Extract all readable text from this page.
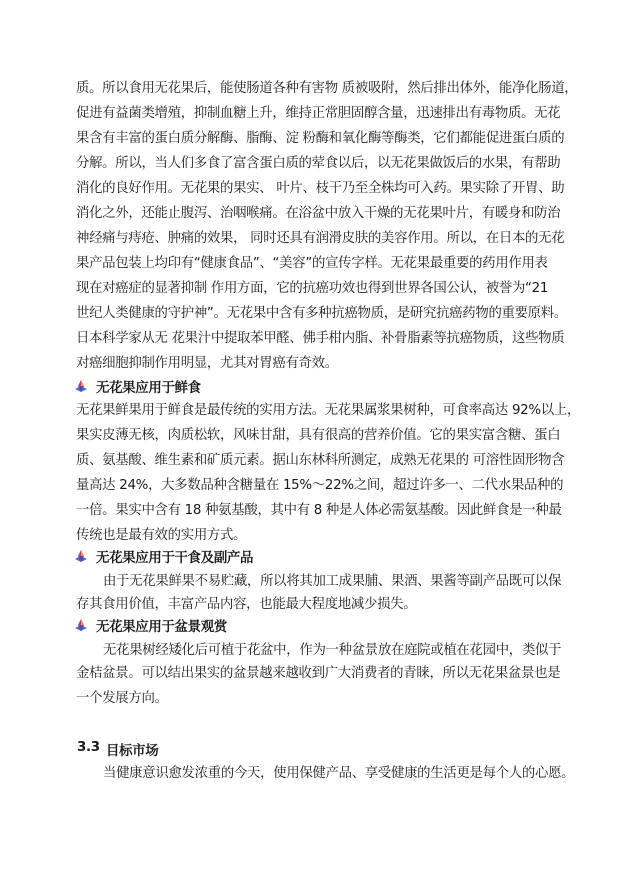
质。所以食用无花果后，能使肠道各种有害物 质被吸附，然后排出体外，能净化肠道，
促进有益菌类增殖，抑制血糖上升，维持正常胆固醇含量，迅速排出有毒物质。无花
果含有丰富的蛋白质分解酶、脂酶、淀 粉酶和氧化酶等酶类，它们都能促进蛋白质的
分解。所以，当人们多食了富含蛋白质的荤食以后，以无花果做饭后的水果，有帮助
消化的良好作用。无花果的果实、 叶片、枝干乃至全株均可入药。果实除了开胃、助
消化之外，还能止腹泻、治咽喉痛。在浴盆中放入干燥的无花果叶片，有暖身和防治
神经痛与痔疮、肿痛的效果， 同时还具有润滑皮肤的美容作用。所以，在日本的无花
果产品包装上均印有“健康食品”、“美容”的宣传字样。无花果最重要的药用作用表
现在对癌症的显著抑制 作用方面，它的抗癌功效也得到世界各国公认，被誉为“21
世纪人类健康的守护神”。无花果中含有多种抗癌物质，是研究抗癌药物的重要原料。
日本科学家从无 花果汁中提取苯甲醛、佛手柑内脂、补骨脂素等抗癌物质，这些物质
对癌细胞抑制作用明显，尤其对胃癌有奇效。
无花果应用于鲜食
无花果鲜果用于鲜食是最传统的实用方法。无花果属浆果树种，可食率高达 92%以上，
果实皮薄无核，肉质松软，风味甘甜，具有很高的营养价值。它的果实富含糖、蛋白
质、氨基酸、维生素和矿质元素。据山东林科所测定，成熟无花果的 可溶性固形物含
量高达 24%，大多数品种含糖量在 15%～22%之间，超过许多一、二代水果品种的
一倍。果实中含有 18 种氨基酸，其中有 8 种是人体必需氨基酸。因此鲜食是一种最
传统也是最有效的实用方式。
无花果应用于干食及副产品
由于无花果鲜果不易贮藏，所以将其加工成果脯、果酒、果酱等副产品既可以保
存其食用价值，丰富产品内容，也能最大程度地减少损失。
无花果应用于盆景观赏
无花果树经矮化后可植于花盆中，作为一种盆景放在庭院或植在花园中，类似于
金桔盆景。可以结出果实的盆景越来越收到广大消费者的青睐，所以无花果盆景也是
一个发展方向。
3.3 目标市场
当健康意识愈发浓重的今天，使用保健产品、享受健康的生活更是每个人的心愿。
